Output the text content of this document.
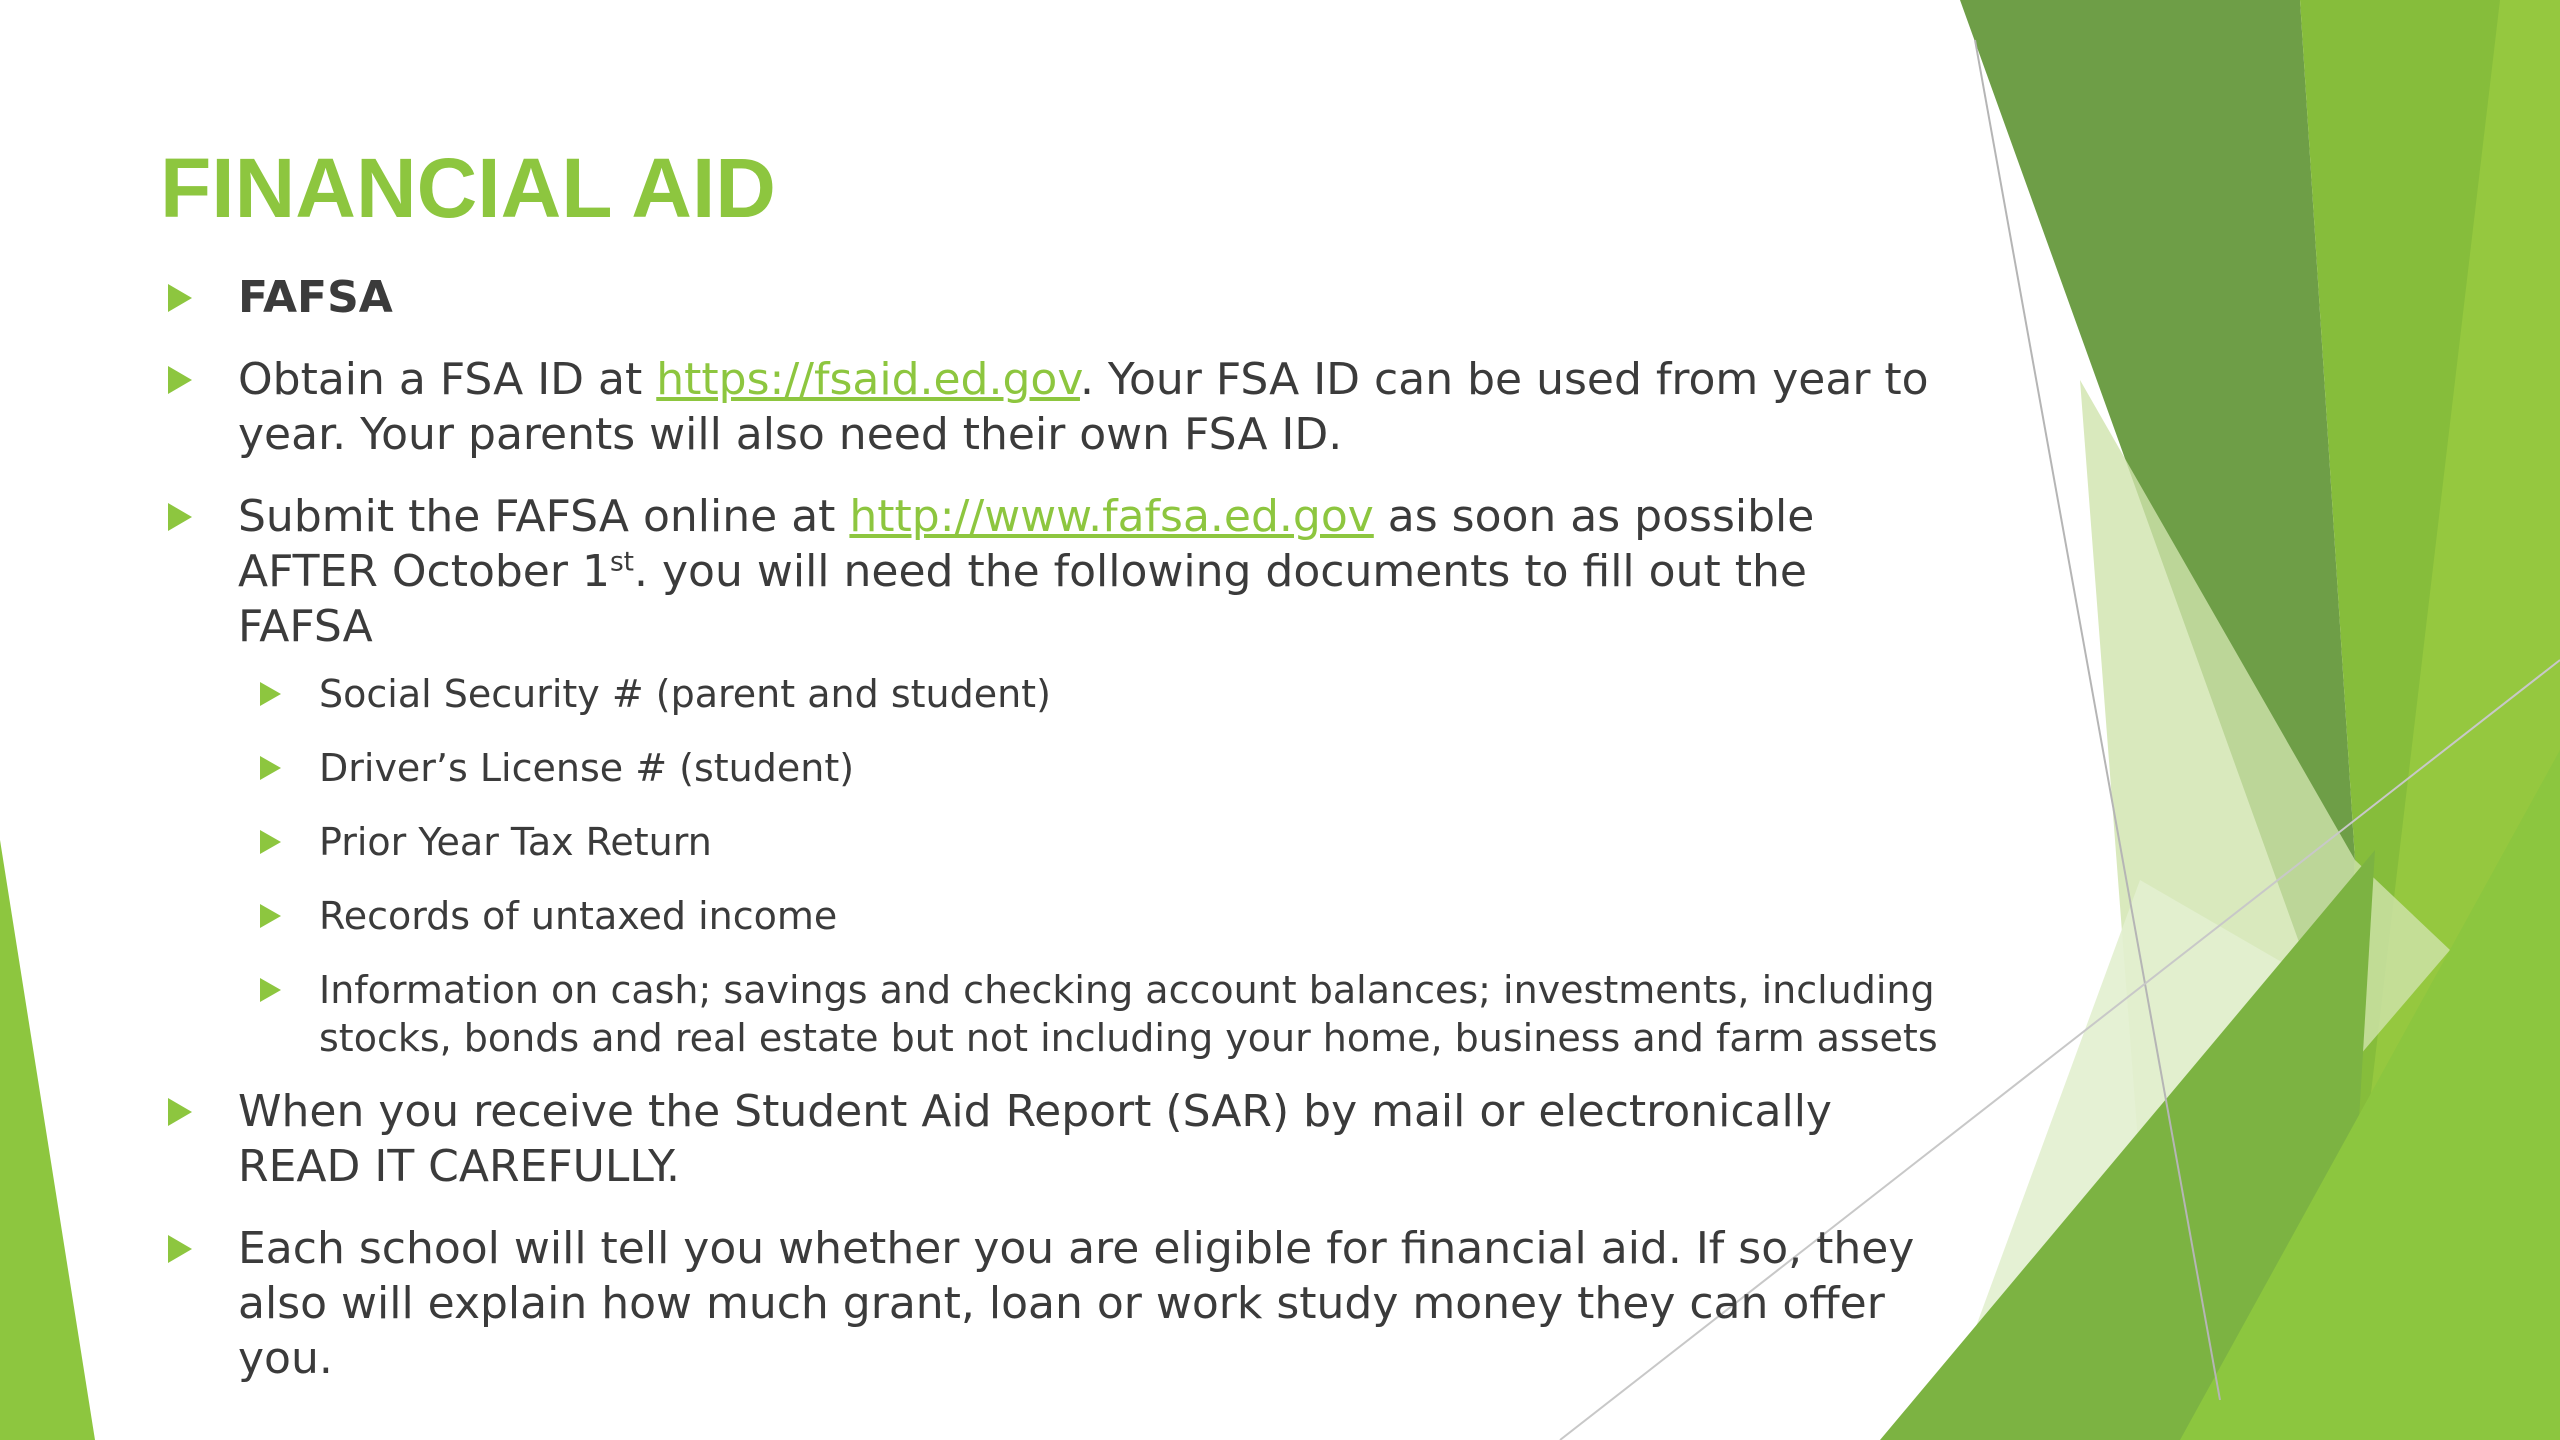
FINANCIAL AID
FAFSA
Obtain a FSA ID at https://fsaid.ed.gov. Your FSA ID can be used from year to year. Your parents will also need their own FSA ID.
Submit the FAFSA online at http://www.fafsa.ed.gov as soon as possible AFTER October 1st. you will need the following documents to fill out the FAFSA
Social Security # (parent and student)
Driver’s License # (student)
Prior Year Tax Return
Records of untaxed income
Information on cash; savings and checking account balances; investments, including stocks, bonds and real estate but not including your home, business and farm assets
When you receive the Student Aid Report (SAR) by mail or electronically READ IT CAREFULLY.
Each school will tell you whether you are eligible for financial aid. If so, they also will explain how much grant, loan or work study money they can offer you.
